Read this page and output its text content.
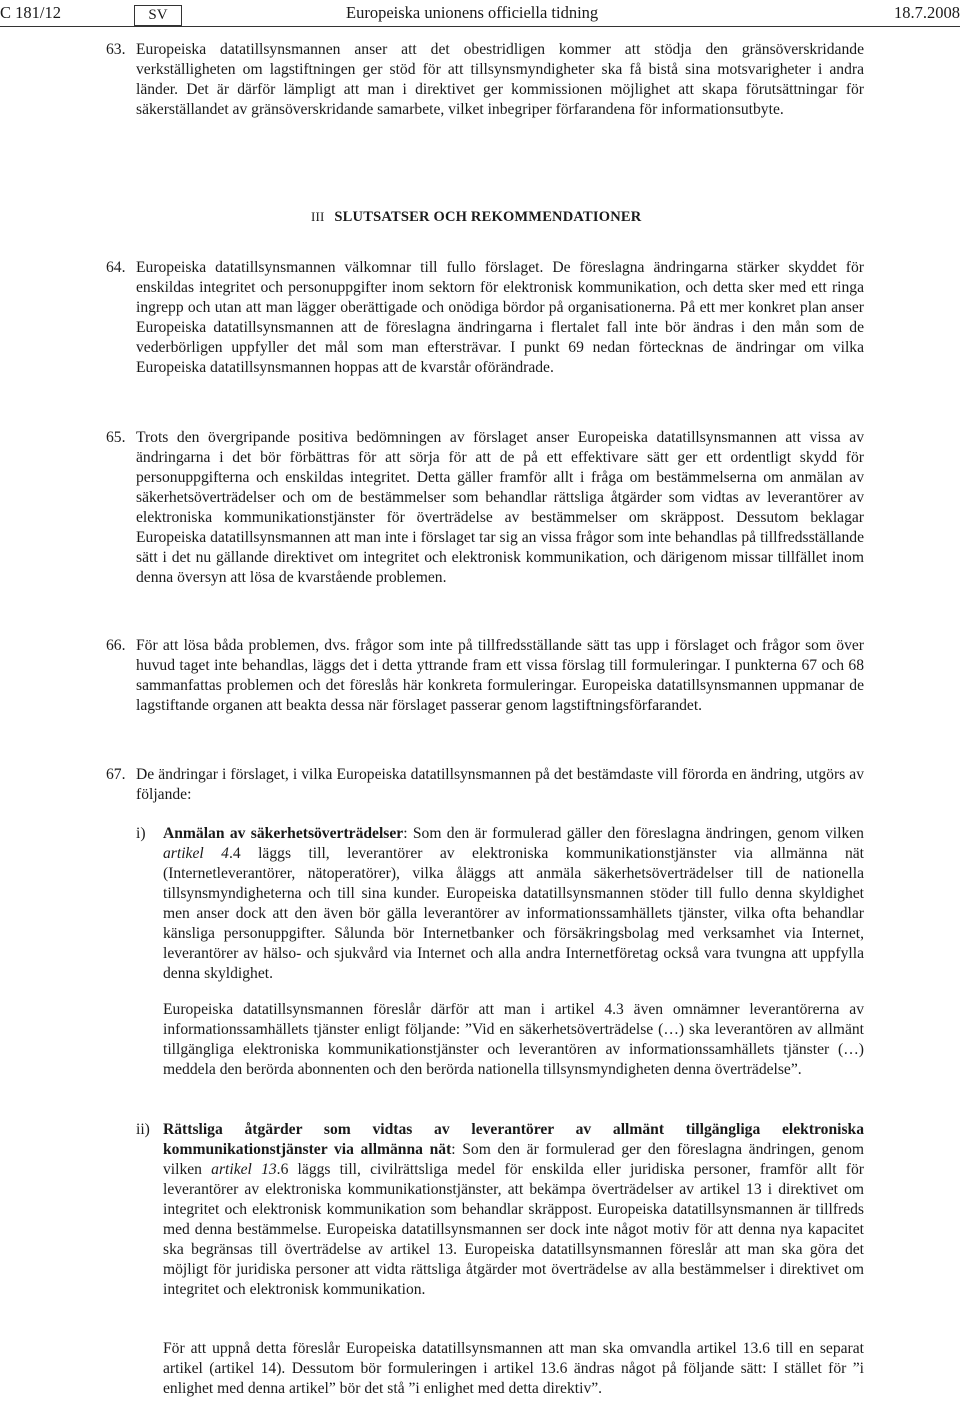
C 181/12	SV	Europeiska unionens officiella tidning	18.7.2008
63. Europeiska datatillsynsmannen anser att det obestridligen kommer att stödja den gränsöverskridande verkställigheten om lagstiftningen ger stöd för att tillsynsmyndigheter ska få bistå sina motsvarigheter i andra länder. Det är därför lämpligt att man i direktivet ger kommissionen möjlighet att skapa förutsättningar för säkerställandet av gränsöverskridande samarbete, vilket inbegriper förfarandena för informationsutbyte.

III SLUTSATSER OCH REKOMMENDATIONER
64. Europeiska datatillsynsmannen välkomnar till fullo förslaget. De föreslagna ändringarna stärker skyddet för enskildas integritet och personuppgifter inom sektorn för elektronisk kommunikation, och detta sker med ett ringa ingrepp och utan att man lägger oberättigade och onödiga bördor på organisationerna. På ett mer konkret plan anser Europeiska datatillsynsmannen att de föreslagna ändringarna i flertalet fall inte bör ändras i den mån som de vederbörligen uppfyller det mål som man eftersträvar. I punkt 69 nedan förtecknas de ändringar om vilka Europeiska datatillsynsmannen hoppas att de kvarstår oförändrade.

65. Trots den övergripande positiva bedömningen av förslaget anser Europeiska datatillsynsmannen att vissa av ändringarna i det bör förbättras för att sörja för att de på ett effektivare sätt ger ett ordentligt skydd för personuppgifterna och enskildas integritet. Detta gäller framför allt i fråga om bestämmelserna om anmälan av säkerhetsöverträdelser och om de bestämmelser som behandlar rättsliga åtgärder som vidtas av leverantörer av elektroniska kommunikationstjänster för överträdelse av bestämmelser om skräppost. Dessutom beklagar Europeiska datatillsynsmannen att man inte i förslaget tar sig an vissa frågor som inte behandlas på tillfredsställande sätt i det nu gällande direktivet om integritet och elektronisk kommunikation, och därigenom missar tillfället inom denna översyn att lösa de kvarstående problemen.

66. För att lösa båda problemen, dvs. frågor som inte på tillfredsställande sätt tas upp i förslaget och frågor som över huvud taget inte behandlas, läggs det i detta yttrande fram ett vissa förslag till formuleringar. I punkterna 67 och 68 sammanfattas problemen och det föreslås här konkreta formuleringar. Europeiska datatillsynsmannen uppmanar de lagstiftande organen att beakta dessa när förslaget passerar genom lagstiftningsförfarandet.

67. De ändringar i förslaget, i vilka Europeiska datatillsynsmannen på det bestämdaste vill förorda en ändring, utgörs av följande:

i) Anmälan av säkerhetsöverträdelser: Som den är formulerad gäller den föreslagna ändringen, genom vilken artikel 4.4 läggs till, leverantörer av elektroniska kommunikationstjänster via allmänna nät (Internetleverantörer, nätoperatörer), vilka åläggs att anmäla säkerhetsöverträdelser till de nationella tillsynsmyndigheterna och till sina kunder. Europeiska datatillsynsmannen stöder till fullo denna skyldighet men anser dock att den även bör gälla leverantörer av informationssamhällets tjänster, vilka ofta behandlar känsliga personuppgifter. Sålunda bör Internetbanker och försäkringsbolag med verksamhet via Internet, leverantörer av hälso- och sjukvård via Internet och alla andra Internetföretag också vara tvungna att uppfylla denna skyldighet.

Europeiska datatillsynsmannen föreslår därför att man i artikel 4.3 även omnämner leverantörerna av informationssamhällets tjänster enligt följande: ”Vid en säkerhetsöverträdelse (…) ska leverantören av allmänt tillgängliga elektroniska kommunikationstjänster och leverantören av informationssamhällets tjänster (…) meddela den berörda abonnenten och den berörda nationella tillsynsmyndigheten denna överträdelse”.

ii) Rättsliga åtgärder som vidtas av leverantörer av allmänt tillgängliga elektroniska kommunikationstjänster via allmänna nät: Som den är formulerad ger den föreslagna ändringen, genom vilken artikel 13.6 läggs till, civilrättsliga medel för enskilda eller juridiska personer, framför allt för leverantörer av elektroniska kommunikationstjänster, att bekämpa överträdelser av artikel 13 i direktivet om integritet och elektronisk kommunikation som behandlar skräppost. Europeiska datatillsynsmannen är tillfreds med denna bestämmelse. Europeiska datatillsynsmannen ser dock inte något motiv för att denna nya kapacitet ska begränsas till överträdelse av artikel 13. Europeiska datatillsynsmannen föreslår att man ska göra det möjligt för juridiska personer att vidta rättsliga åtgärder mot överträdelse av alla bestämmelser i direktivet om integritet och elektronisk kommunikation.

För att uppnå detta föreslår Europeiska datatillsynsmannen att man ska omvandla artikel 13.6 till en separat artikel (artikel 14). Dessutom bör formuleringen i artikel 13.6 ändras något på följande sätt: I stället för ”i enlighet med denna artikel” bör det stå ”i enlighet med detta direktiv”.
